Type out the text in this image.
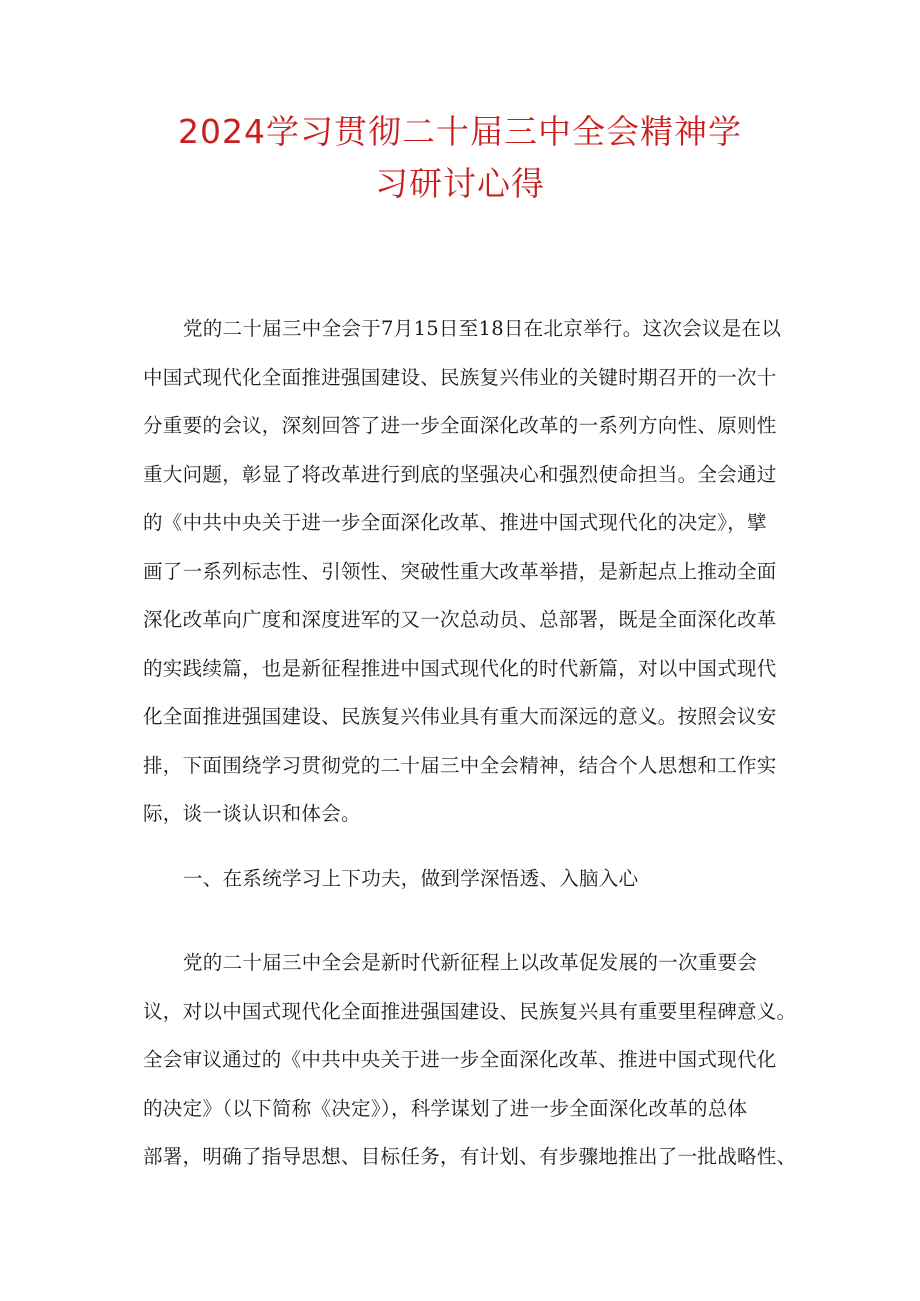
2024学习贯彻二十届三中全会精神学
习研讨心得
党的二十届三中全会于7月15日至18日在北京举行。这次会议是在以
中国式现代化全面推进强国建设、民族复兴伟业的关键时期召开的一次十
分重要的会议，深刻回答了进一步全面深化改革的一系列方向性、原则性
重大问题，彰显了将改革进行到底的坚强决心和强烈使命担当。全会通过
的《中共中央关于进一步全面深化改革、推进中国式现代化的决定》，擘
画了一系列标志性、引领性、突破性重大改革举措，是新起点上推动全面
深化改革向广度和深度进军的又一次总动员、总部署，既是全面深化改革
的实践续篇，也是新征程推进中国式现代化的时代新篇，对以中国式现代
化全面推进强国建设、民族复兴伟业具有重大而深远的意义。按照会议安
排，下面围绕学习贯彻党的二十届三中全会精神，结合个人思想和工作实
际，谈一谈认识和体会。
一、在系统学习上下功夫，做到学深悟透、入脑入心
党的二十届三中全会是新时代新征程上以改革促发展的一次重要会
议，对以中国式现代化全面推进强国建设、民族复兴具有重要里程碑意义。
全会审议通过的《中共中央关于进一步全面深化改革、推进中国式现代化
的决定》（以下简称《决定》），科学谋划了进一步全面深化改革的总体
部署，明确了指导思想、目标任务，有计划、有步骤地推出了一批战略性、
